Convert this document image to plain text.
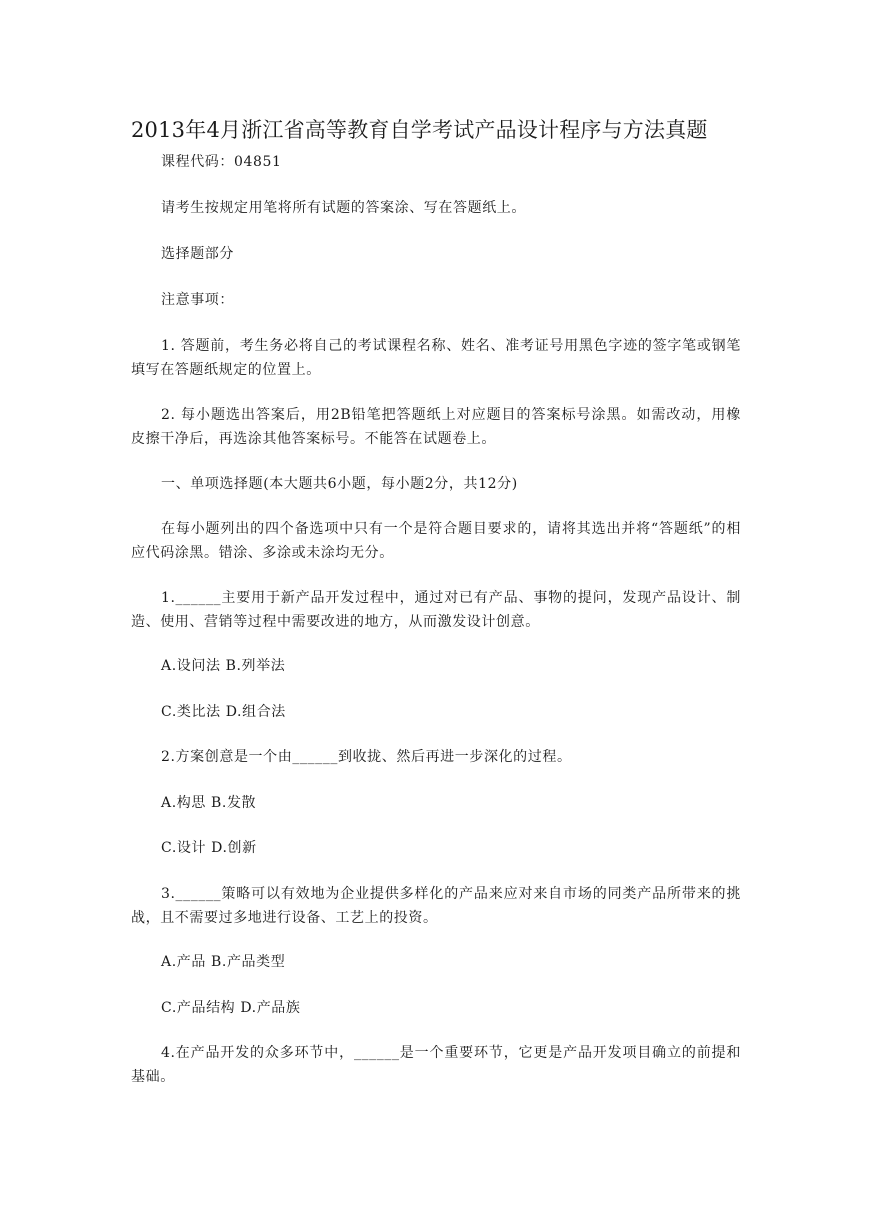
2013年4月浙江省高等教育自学考试产品设计程序与方法真题
课程代码：04851
请考生按规定用笔将所有试题的答案涂、写在答题纸上。
选择题部分
注意事项：
1. 答题前，考生务必将自己的考试课程名称、姓名、准考证号用黑色字迹的签字笔或钢笔填写在答题纸规定的位置上。
2. 每小题选出答案后，用2B铅笔把答题纸上对应题目的答案标号涂黑。如需改动，用橡皮擦干净后，再选涂其他答案标号。不能答在试题卷上。
一、单项选择题(本大题共6小题，每小题2分，共12分)
在每小题列出的四个备选项中只有一个是符合题目要求的，请将其选出并将“答题纸”的相应代码涂黑。错涂、多涂或未涂均无分。
1.______主要用于新产品开发过程中，通过对已有产品、事物的提问，发现产品设计、制造、使用、营销等过程中需要改进的地方，从而激发设计创意。
A.设问法 B.列举法
C.类比法 D.组合法
2.方案创意是一个由______到收拢、然后再进一步深化的过程。
A.构思 B.发散
C.设计 D.创新
3.______策略可以有效地为企业提供多样化的产品来应对来自市场的同类产品所带来的挑战，且不需要过多地进行设备、工艺上的投资。
A.产品 B.产品类型
C.产品结构 D.产品族
4.在产品开发的众多环节中，______是一个重要环节，它更是产品开发项目确立的前提和基础。
